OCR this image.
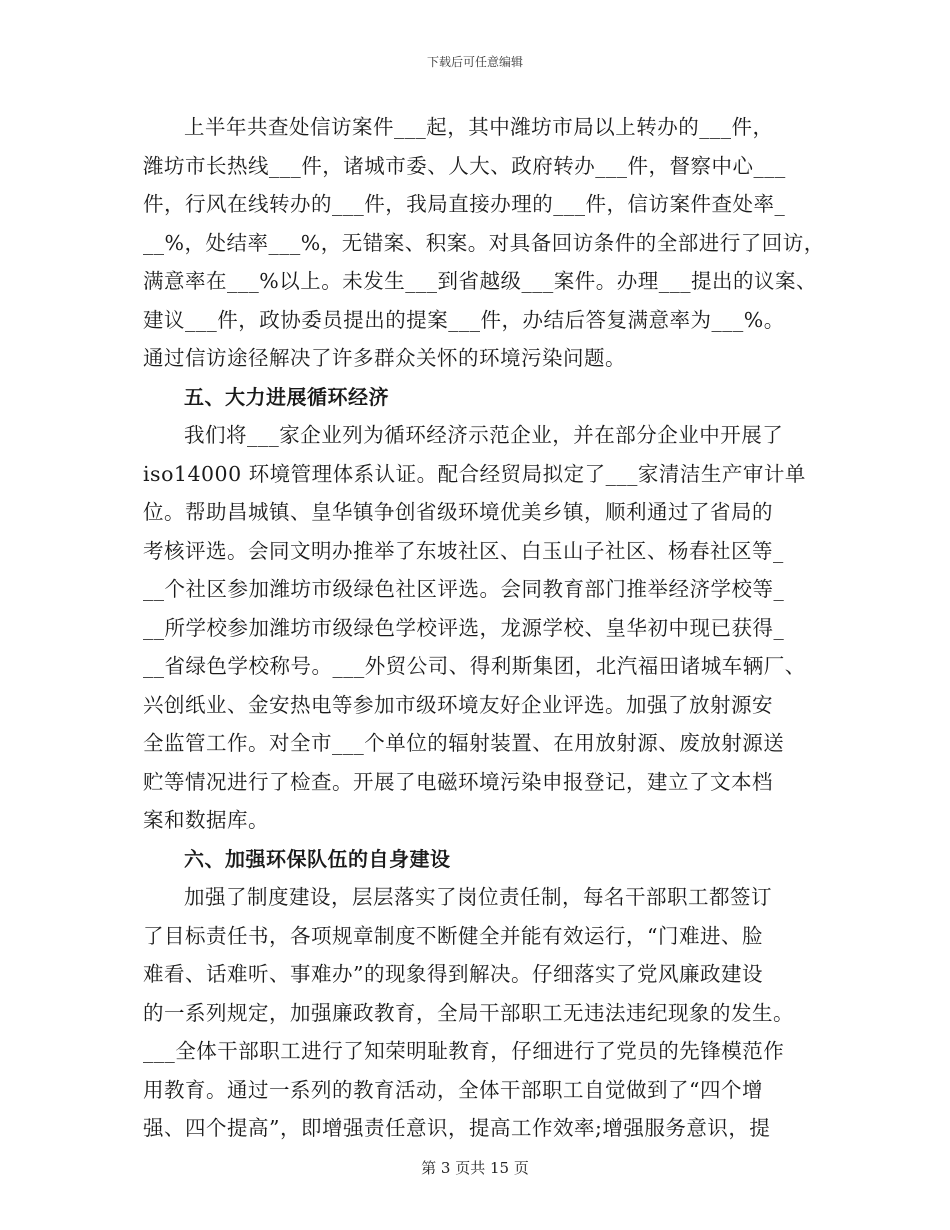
下载后可任意编辑
上半年共查处信访案件___起，其中潍坊市局以上转办的___件，
潍坊市长热线___件，诸城市委、人大、政府转办___件，督察中心___
件，行风在线转办的___件，我局直接办理的___件，信访案件查处率_
__%，处结率___%，无错案、积案。对具备回访条件的全部进行了回访，
满意率在___%以上。未发生___到省越级___案件。办理___提出的议案、
建议___件，政协委员提出的提案___件，办结后答复满意率为___%。
通过信访途径解决了许多群众关怀的环境污染问题。
五、大力进展循环经济
我们将___家企业列为循环经济示范企业，并在部分企业中开展了
iso14000 环境管理体系认证。配合经贸局拟定了___家清洁生产审计单
位。帮助昌城镇、皇华镇争创省级环境优美乡镇，顺利通过了省局的
考核评选。会同文明办推举了东坡社区、白玉山子社区、杨春社区等_
__个社区参加潍坊市级绿色社区评选。会同教育部门推举经济学校等_
__所学校参加潍坊市级绿色学校评选，龙源学校、皇华初中现已获得_
__省绿色学校称号。___外贸公司、得利斯集团，北汽福田诸城车辆厂、
兴创纸业、金安热电等参加市级环境友好企业评选。加强了放射源安
全监管工作。对全市___个单位的辐射装置、在用放射源、废放射源送
贮等情况进行了检查。开展了电磁环境污染申报登记，建立了文本档
案和数据库。
六、加强环保队伍的自身建设
加强了制度建设，层层落实了岗位责任制，每名干部职工都签订
了目标责任书，各项规章制度不断健全并能有效运行，“门难进、脸
难看、话难听、事难办”的现象得到解决。仔细落实了党风廉政建设
的一系列规定，加强廉政教育，全局干部职工无违法违纪现象的发生。
___全体干部职工进行了知荣明耻教育，仔细进行了党员的先锋模范作
用教育。通过一系列的教育活动，全体干部职工自觉做到了“四个增
强、四个提高”，即增强责任意识，提高工作效率;增强服务意识，提
第 3 页共 15 页
